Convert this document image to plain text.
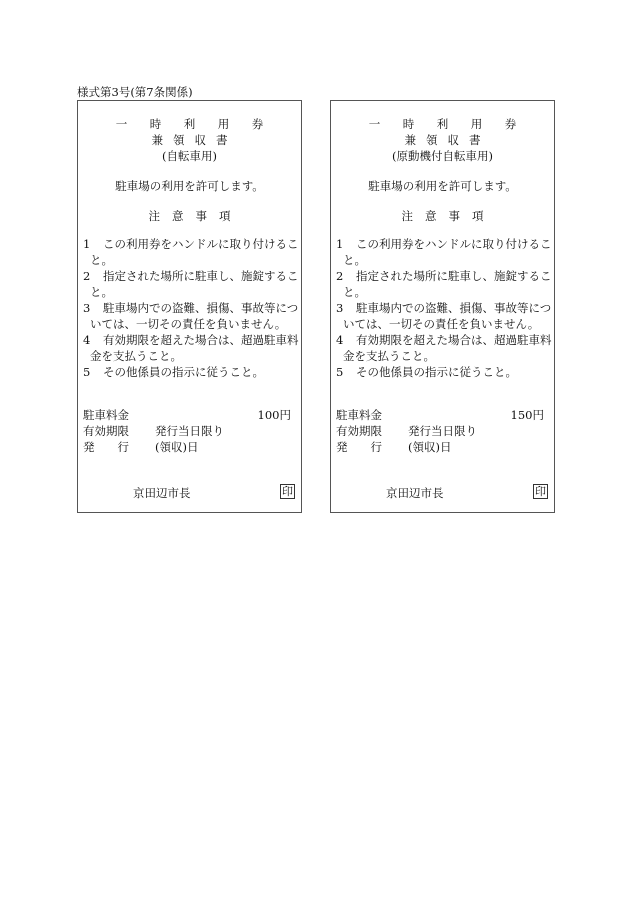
様式第3号(第7条関係)
一 時 利 用 券
兼領収書
(自転車用)
駐車場の利用を許可します。
注意事項
1 この利用券をハンドルに取り付けること。
2 指定された場所に駐車し、施錠すること。
3 駐車場内での盗難、損傷、事故等については、一切その責任を負いません。
4 有効期限を超えた場合は、超過駐車料金を支払うこと。
5 その他係員の指示に従うこと。
駐車料金	100円
有効期限 発行当日限り
発　　行 (領収)日
京田辺市長	印
一 時 利 用 券
兼領収書
(原動機付自転車用)
駐車場の利用を許可します。
注意事項
1 この利用券をハンドルに取り付けること。
2 指定された場所に駐車し、施錠すること。
3 駐車場内での盗難、損傷、事故等については、一切その責任を負いません。
4 有効期限を超えた場合は、超過駐車料金を支払うこと。
5 その他係員の指示に従うこと。
駐車料金	150円
有効期限 発行当日限り
発　　行 (領収)日
京田辺市長	印
